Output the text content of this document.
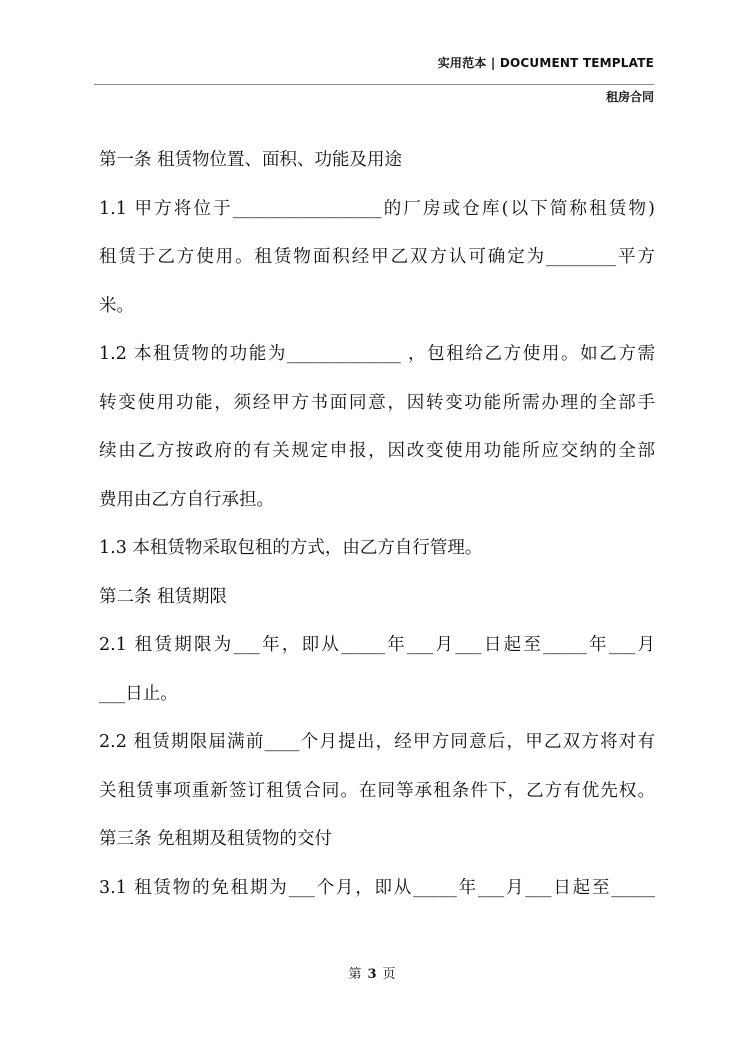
实用范本 | DOCUMENT TEMPLATE
租房合同
第一条 租赁物位置、面积、功能及用途
1.1 甲方将位于_________________的厂房或仓库(以下简称租赁物)
租赁于乙方使用。租赁物面积经甲乙双方认可确定为________平方
米。
1.2 本租赁物的功能为_____________ ，包租给乙方使用。如乙方需
转变使用功能，须经甲方书面同意，因转变功能所需办理的全部手
续由乙方按政府的有关规定申报，因改变使用功能所应交纳的全部
费用由乙方自行承担。
1.3 本租赁物采取包租的方式，由乙方自行管理。
第二条 租赁期限
2.1 租赁期限为___年，即从_____年___月___日起至_____年___月
___日止。
2.2 租赁期限届满前____个月提出，经甲方同意后，甲乙双方将对有
关租赁事项重新签订租赁合同。在同等承租条件下，乙方有优先权。
第三条 免租期及租赁物的交付
3.1 租赁物的免租期为___个月，即从_____年___月___日起至_____
第 3 页
